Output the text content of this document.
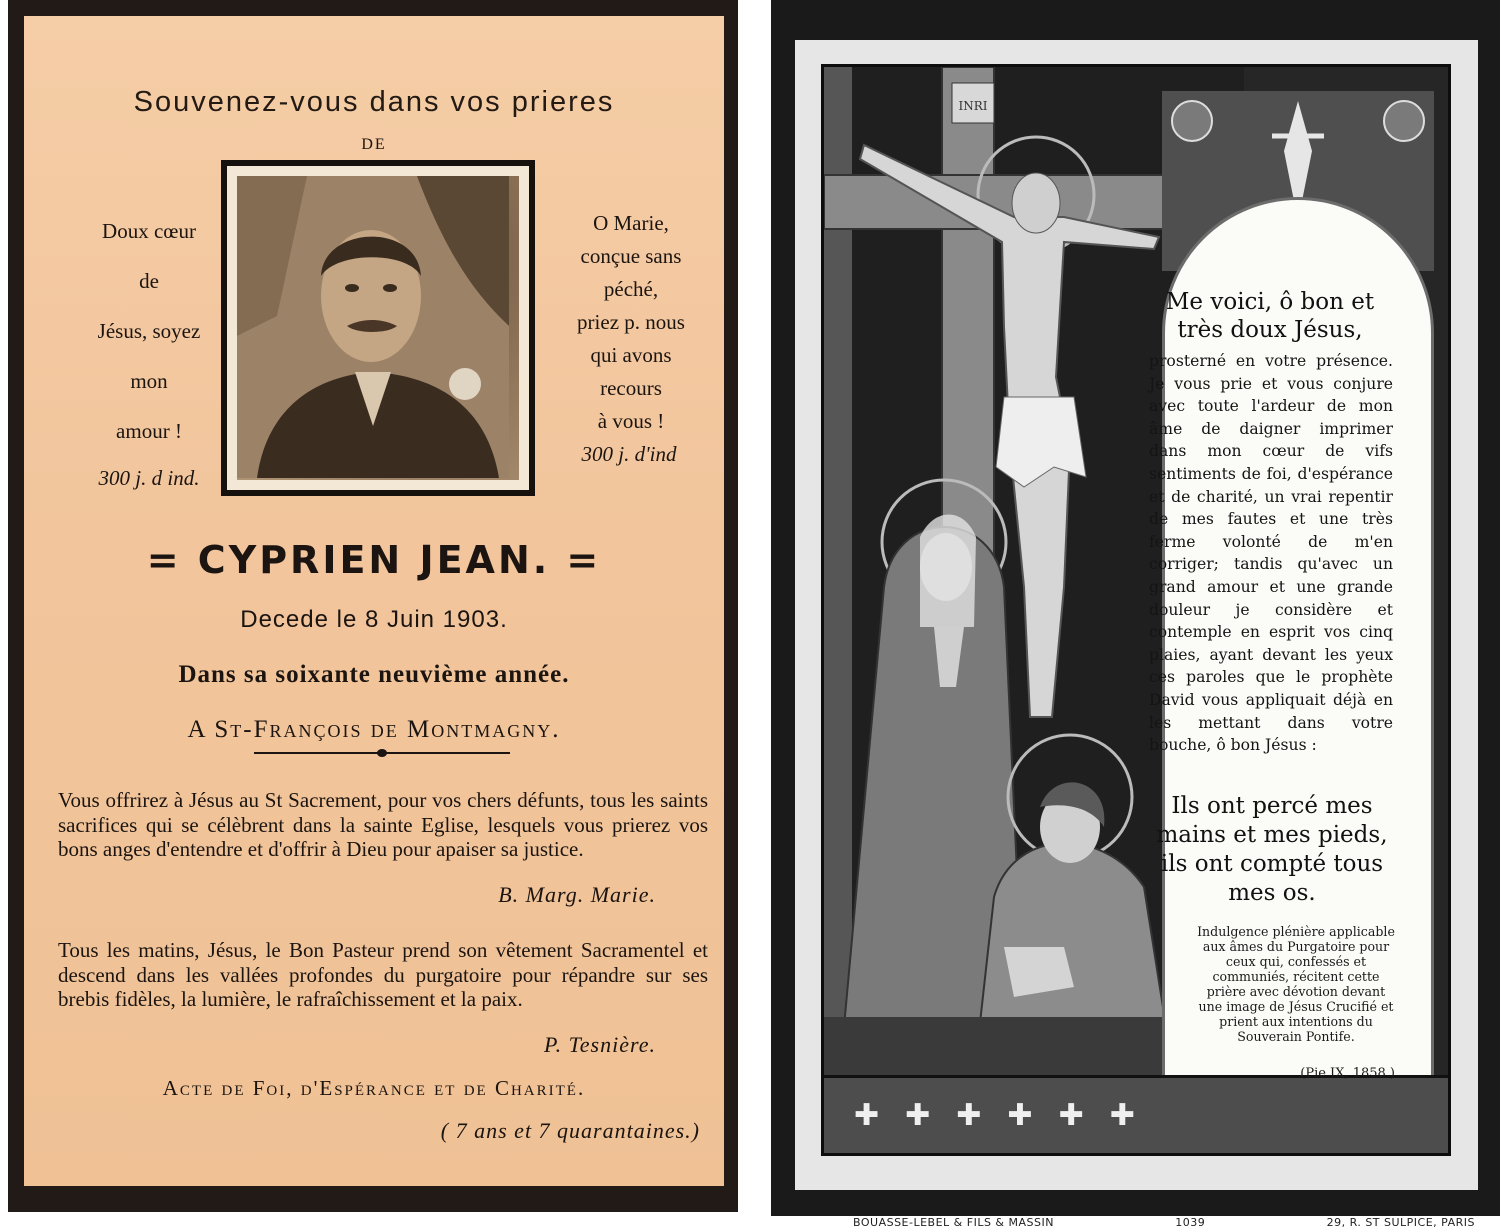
Souvenez-vous dans vos prieres
DE
Doux cœur
de
Jésus, soyez
mon
amour !
300 j. d ind.
O Marie,
conçue sans
péché,
priez p. nous
qui avons
recours
à vous !
300 j. d'ind
= CYPRIEN JEAN. =
Decede le 8 Juin 1903.
Dans sa soixante neuvième année.
A St-François de Montmagny.
Vous offrirez à Jésus au St Sacrement, pour vos chers défunts, tous les saints sacrifices qui se célèbrent dans la sainte Eglise, lesquels vous prierez vos bons anges d'entendre et d'offrir à Dieu pour apaiser sa justice.
B. Marg. Marie.
Tous les matins, Jésus, le Bon Pasteur prend son vêtement Sacramentel et descend dans les vallées profondes du purgatoire pour répandre sur ses brebis fidèles, la lumière, le rafraîchissement et la paix.
P. Tesnière.
Acte de Foi, d'Espérance et de Charité.
( 7 ans et 7 quarantaines.)
INRI
✚ ✚ ✚ ✚ ✚ ✚
Me voici, ô bon et très doux Jésus,
prosterné en votre présence. Je vous prie et vous conjure avec toute l'ardeur de mon âme de daigner imprimer dans mon cœur de vifs sentiments de foi, d'espérance et de charité, un vrai repentir de mes fautes et une très ferme volonté de m'en corriger; tandis qu'avec un grand amour et une grande douleur je considère et contemple en esprit vos cinq plaies, ayant devant les yeux ces paroles que le prophète David vous appliquait déjà en les mettant dans votre bouche, ô bon Jésus :
Ils ont percé mes mains et mes pieds, ils ont compté tous mes os.
Indulgence plénière applicable aux âmes du Purgatoire pour ceux qui, confessés et communiés, récitent cette prière avec dévotion devant une image de Jésus Crucifié et prient aux intentions du Souverain Pontife.
(Pie IX, 1858.)
BOUASSE-LEBEL & FILS & MASSIN	1039	29, R. ST SULPICE, PARIS
